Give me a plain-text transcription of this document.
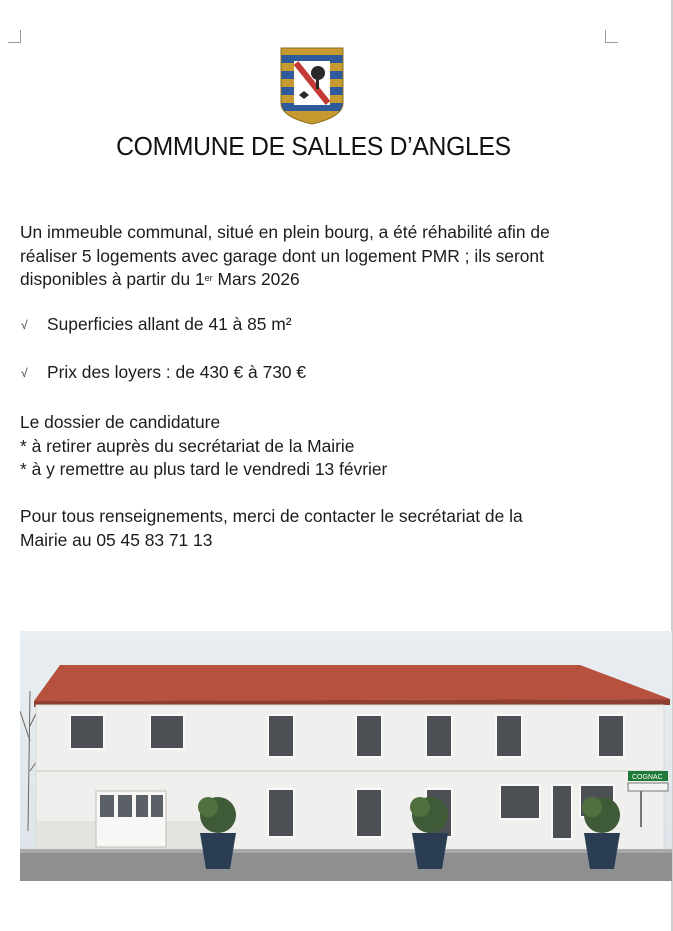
COMMUNE DE SALLES D’ANGLES
Un immeuble communal, situé en plein bourg, a été réhabilité afin de
réaliser 5 logements avec garage dont un logement PMR ; ils seront
disponibles à partir du 1er Mars 2026
√ Superficies allant de 41 à 85 m²
√ Prix des loyers : de 430 € à 730 €
Le dossier de candidature
* à retirer auprès du secrétariat de la Mairie
* à y remettre au plus tard le vendredi 13 février
Pour tous renseignements, merci de contacter le secrétariat de la
Mairie au 05 45 83 71 13
COGNAC
